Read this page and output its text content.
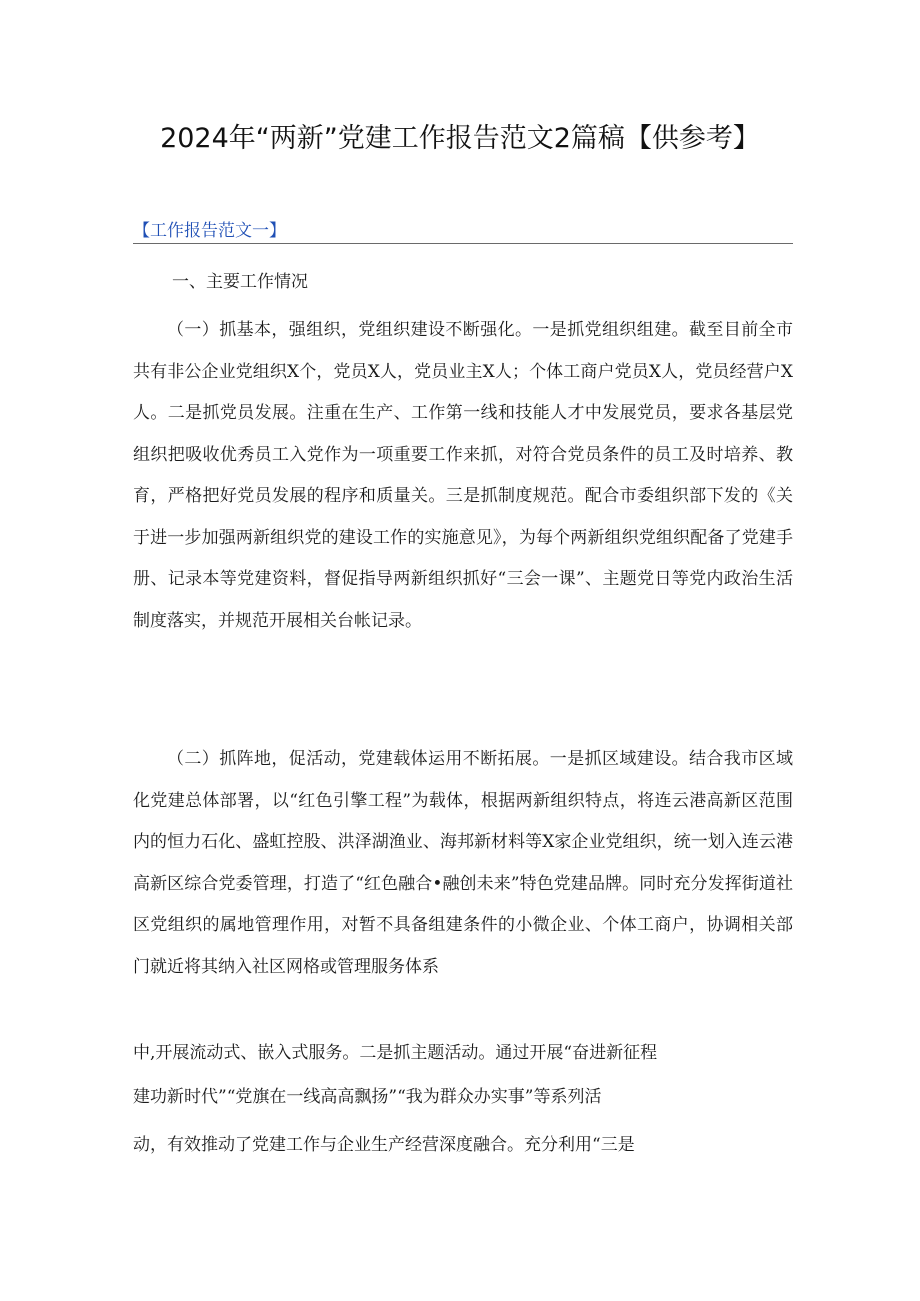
2024年“两新”党建工作报告范文2篇稿【供参考】
【工作报告范文一】
一、主要工作情况

（一）抓基本，强组织，党组织建设不断强化。一是抓党组织组建。截至目前全市共有非公企业党组织X个，党员X人，党员业主X人；个体工商户党员X人，党员经营户X人。二是抓党员发展。注重在生产、工作第一线和技能人才中发展党员，要求各基层党组织把吸收优秀员工入党作为一项重要工作来抓，对符合党员条件的员工及时培养、教育，严格把好党员发展的程序和质量关。三是抓制度规范。配合市委组织部下发的《关于进一步加强两新组织党的建设工作的实施意见》，为每个两新组织党组织配备了党建手册、记录本等党建资料，督促指导两新组织抓好“三会一课”、主题党日等党内政治生活制度落实，并规范开展相关台帐记录。

（二）抓阵地，促活动，党建载体运用不断拓展。一是抓区域建设。结合我市区域化党建总体部署，以“红色引擎工程”为载体，根据两新组织特点，将连云港高新区范围内的恒力石化、盛虹控股、洪泽湖渔业、海邦新材料等X家企业党组织，统一划入连云港高新区综合党委管理，打造了“红色融合•融创未来”特色党建品牌。同时充分发挥街道社区党组织的属地管理作用，对暂不具备组建条件的小微企业、个体工商户，协调相关部门就近将其纳入社区网格或管理服务体系

中,开展流动式、嵌入式服务。二是抓主题活动。通过开展“奋进新征程
建功新时代”“党旗在一线高高飘扬”“我为群众办实事”等系列活
动，有效推动了党建工作与企业生产经营深度融合。充分利用“三是
